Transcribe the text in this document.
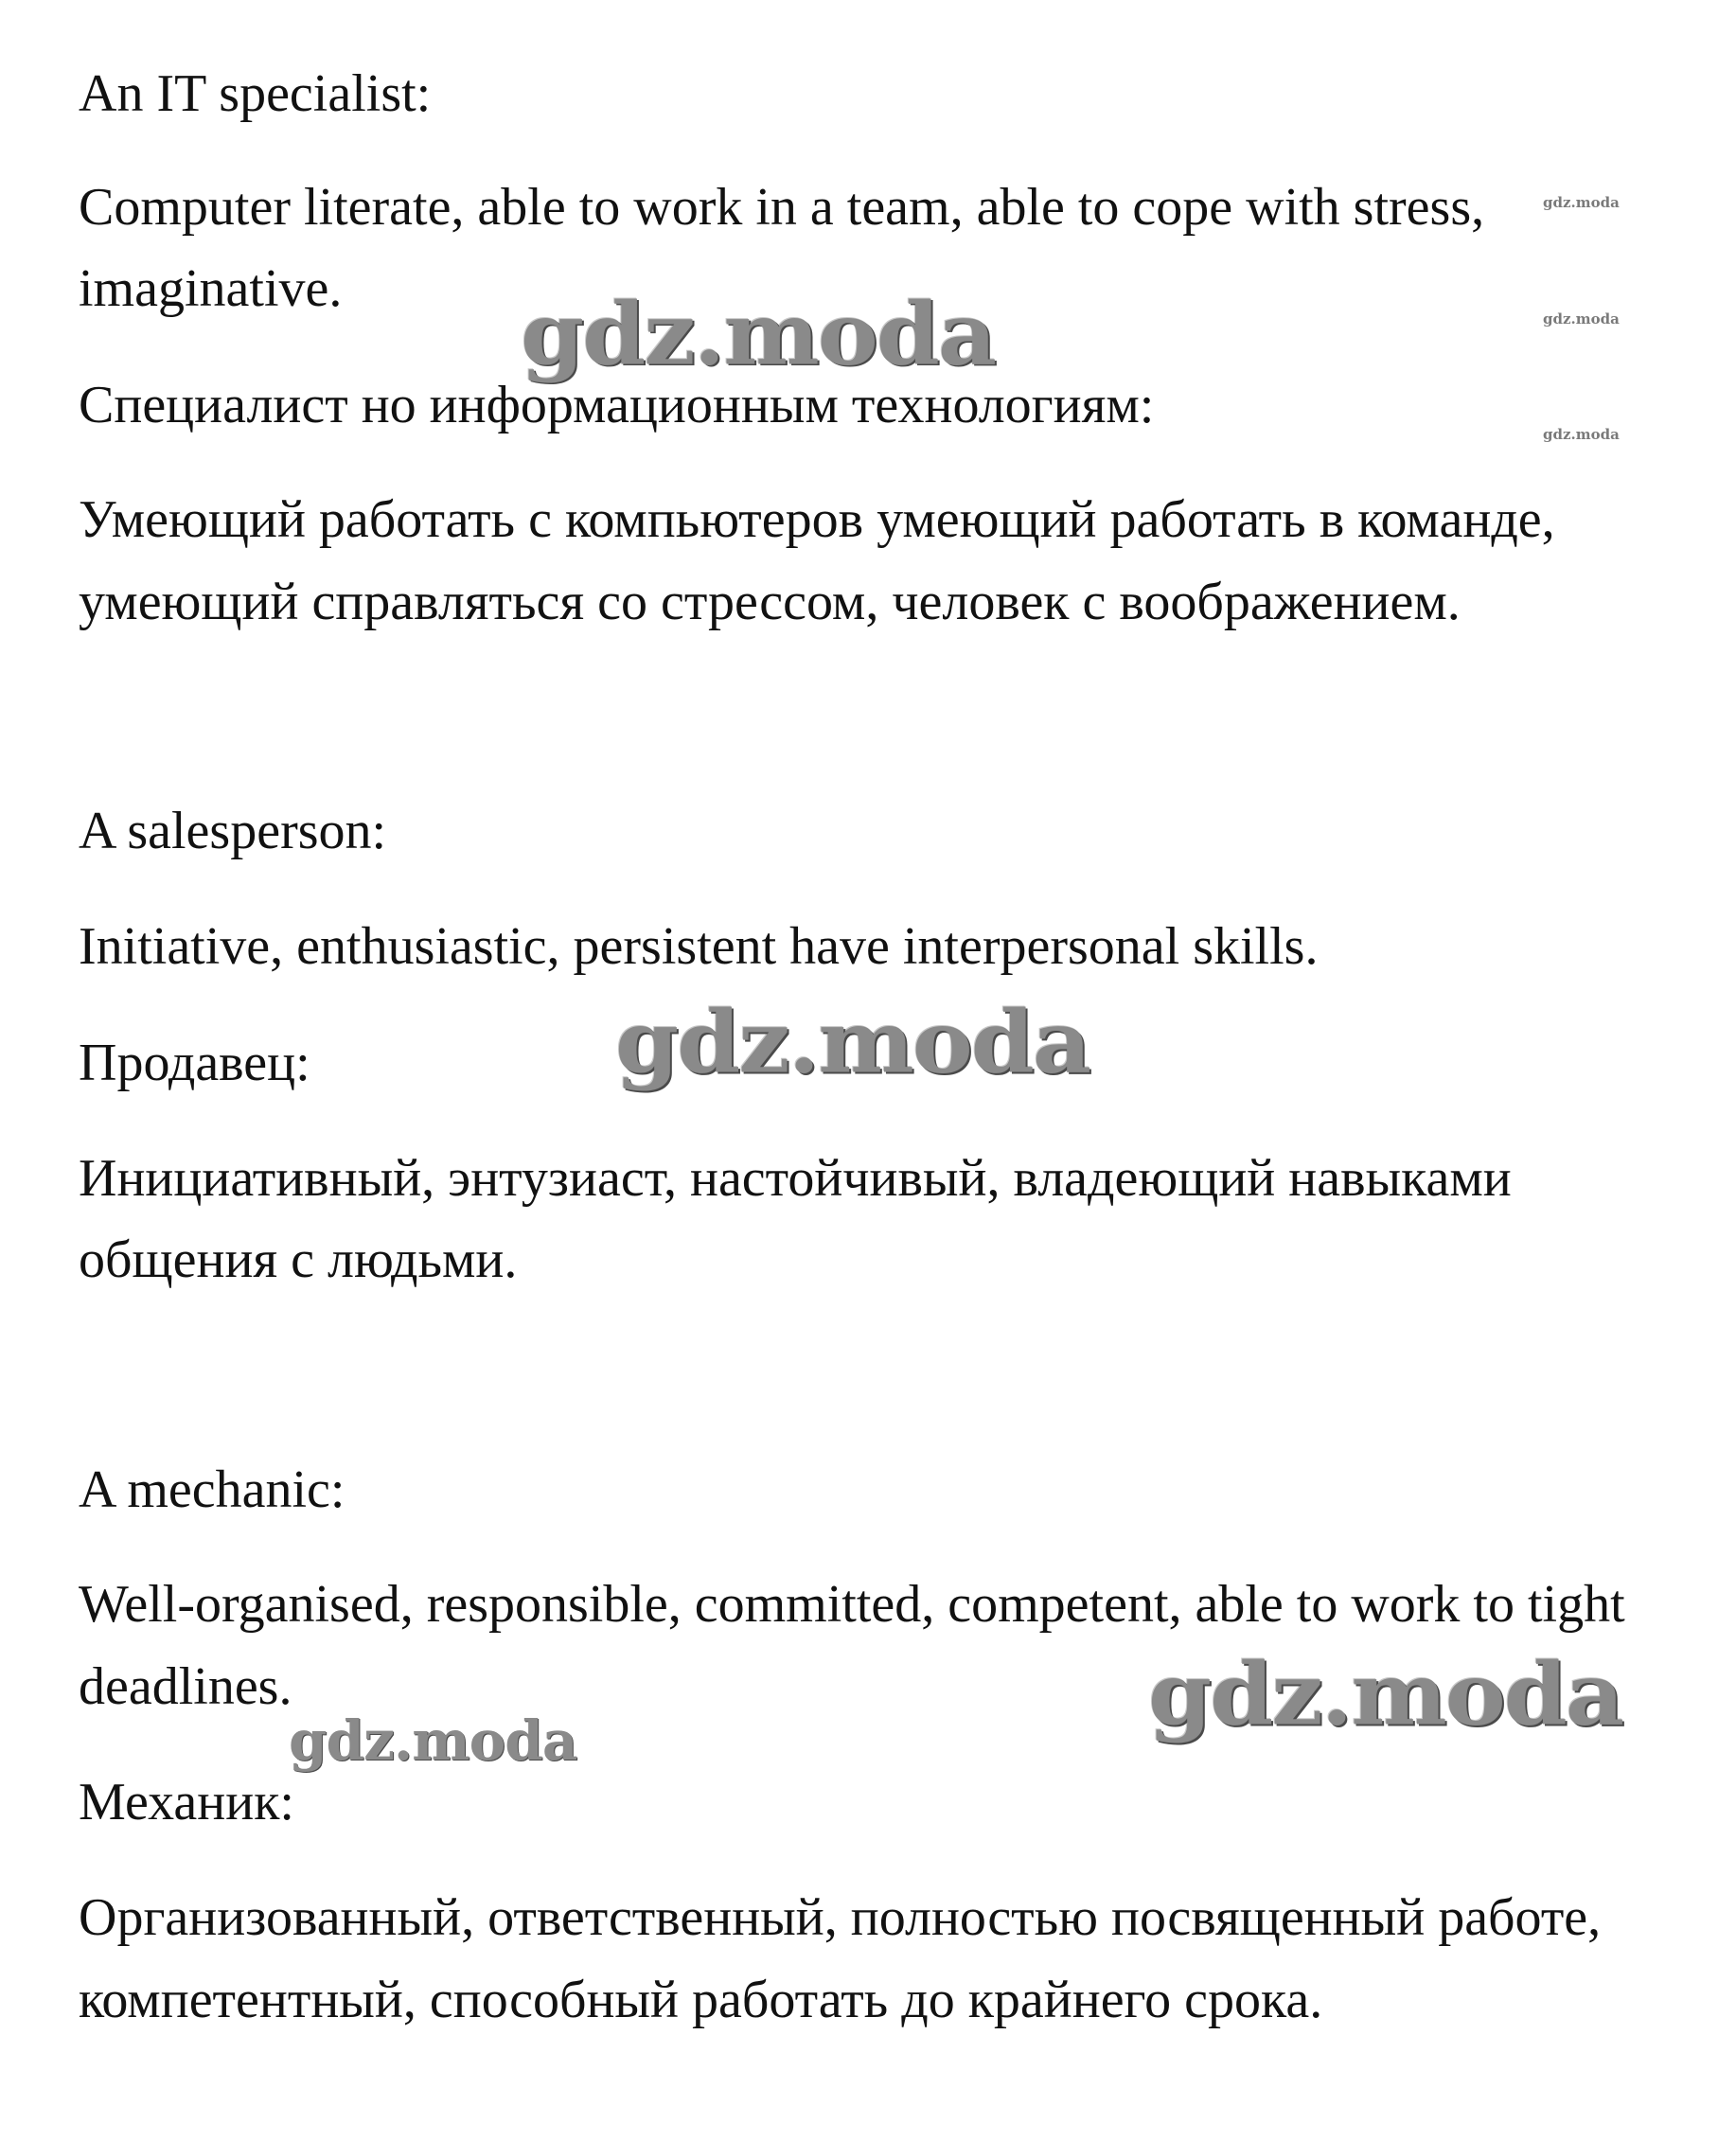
An IT specialist:

Computer literate, able to work in a team, able to cope with stress,

imaginative.

Специалист но информационным технологиям:

Умеющий работать с компьютеров умеющий работать в команде,

умеющий справляться со стрессом, человек с воображением.

A salesperson:

Initiative, enthusiastic, persistent have interpersonal skills.

Продавец:

Инициативный, энтузиаст, настойчивый, владеющий навыками

общения с людьми.

A mechanic:

Well-organised, responsible, committed, competent, able to work to tight

deadlines.

Механик:

Организованный, ответственный, полностью посвященный работе,

компетентный, способный работать до крайнего срока.

gdz.moda
gdz.moda
gdz.moda
gdz.moda
gdz.moda
gdz.moda
gdz.moda
